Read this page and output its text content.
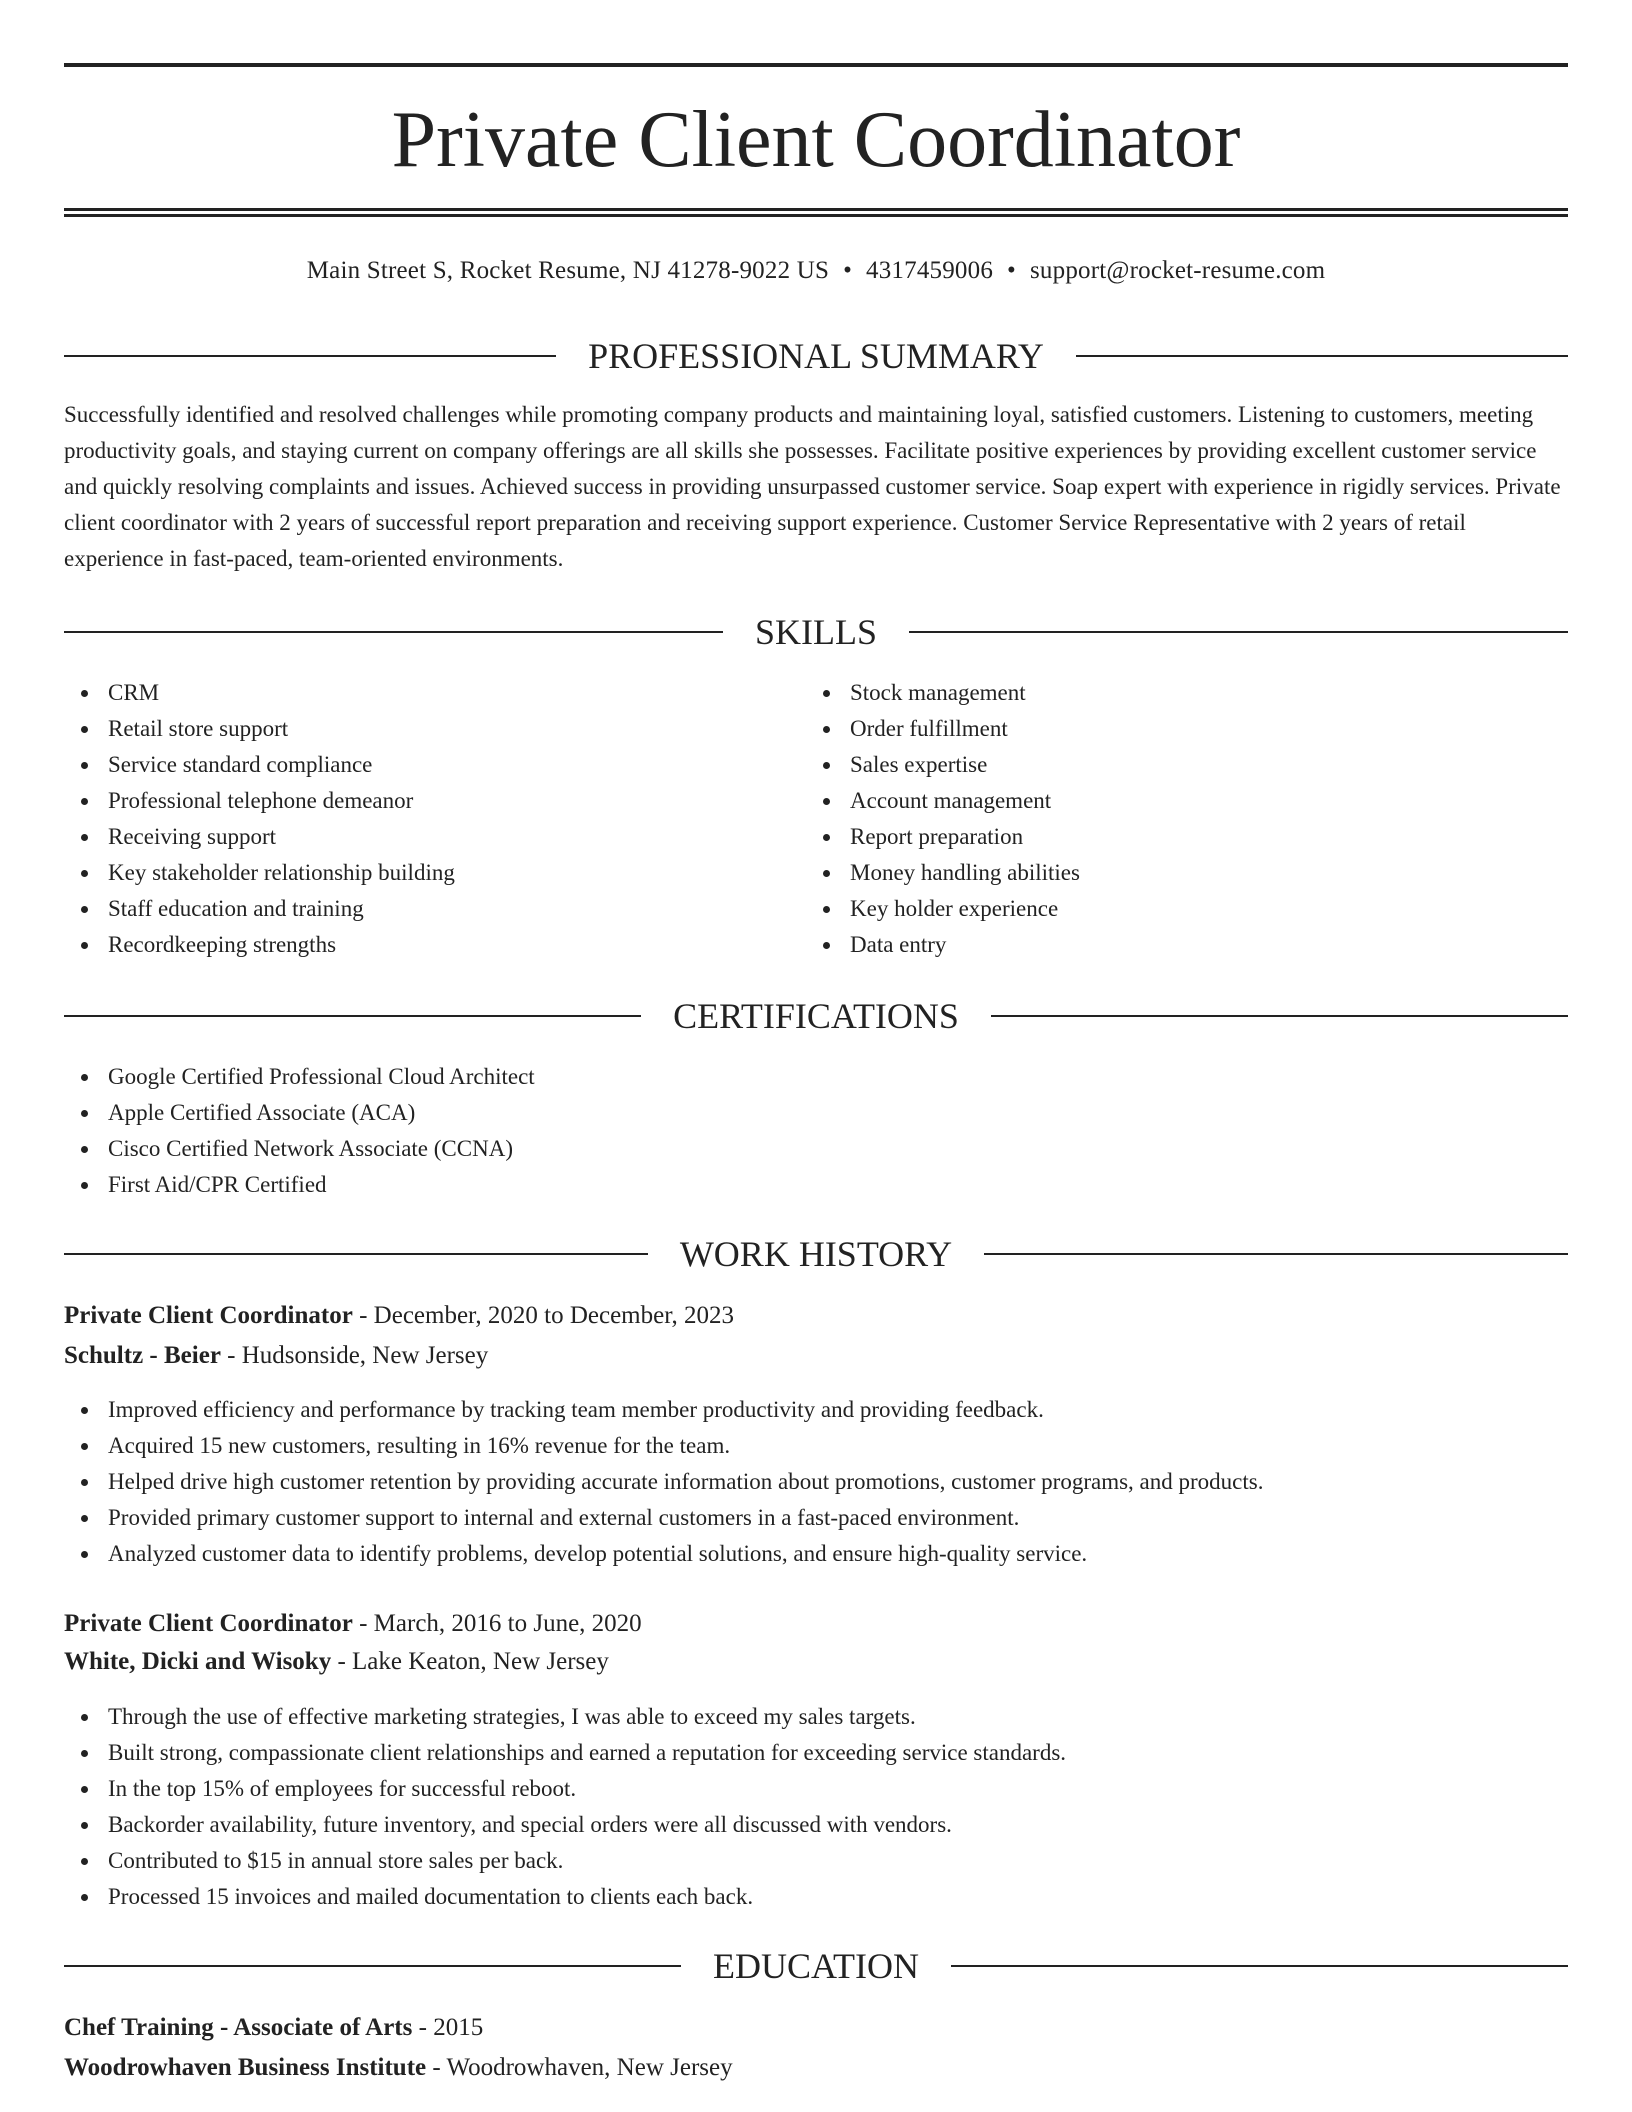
Private Client Coordinator
Main Street S, Rocket Resume, NJ 41278-9022 US • 4317459006 • support@rocket-resume.com
PROFESSIONAL SUMMARY
Successfully identified and resolved challenges while promoting company products and maintaining loyal, satisfied customers. Listening to customers, meeting productivity goals, and staying current on company offerings are all skills she possesses. Facilitate positive experiences by providing excellent customer service and quickly resolving complaints and issues. Achieved success in providing unsurpassed customer service. Soap expert with experience in rigidly services. Private client coordinator with 2 years of successful report preparation and receiving support experience. Customer Service Representative with 2 years of retail experience in fast-paced, team-oriented environments.
SKILLS
CRM
Retail store support
Service standard compliance
Professional telephone demeanor
Receiving support
Key stakeholder relationship building
Staff education and training
Recordkeeping strengths
Stock management
Order fulfillment
Sales expertise
Account management
Report preparation
Money handling abilities
Key holder experience
Data entry
CERTIFICATIONS
Google Certified Professional Cloud Architect
Apple Certified Associate (ACA)
Cisco Certified Network Associate (CCNA)
First Aid/CPR Certified
WORK HISTORY
Private Client Coordinator - December, 2020 to December, 2023
Schultz - Beier - Hudsonside, New Jersey
Improved efficiency and performance by tracking team member productivity and providing feedback.
Acquired 15 new customers, resulting in 16% revenue for the team.
Helped drive high customer retention by providing accurate information about promotions, customer programs, and products.
Provided primary customer support to internal and external customers in a fast-paced environment.
Analyzed customer data to identify problems, develop potential solutions, and ensure high-quality service.
Private Client Coordinator - March, 2016 to June, 2020
White, Dicki and Wisoky - Lake Keaton, New Jersey
Through the use of effective marketing strategies, I was able to exceed my sales targets.
Built strong, compassionate client relationships and earned a reputation for exceeding service standards.
In the top 15% of employees for successful reboot.
Backorder availability, future inventory, and special orders were all discussed with vendors.
Contributed to $15 in annual store sales per back.
Processed 15 invoices and mailed documentation to clients each back.
EDUCATION
Chef Training - Associate of Arts - 2015
Woodrowhaven Business Institute - Woodrowhaven, New Jersey
